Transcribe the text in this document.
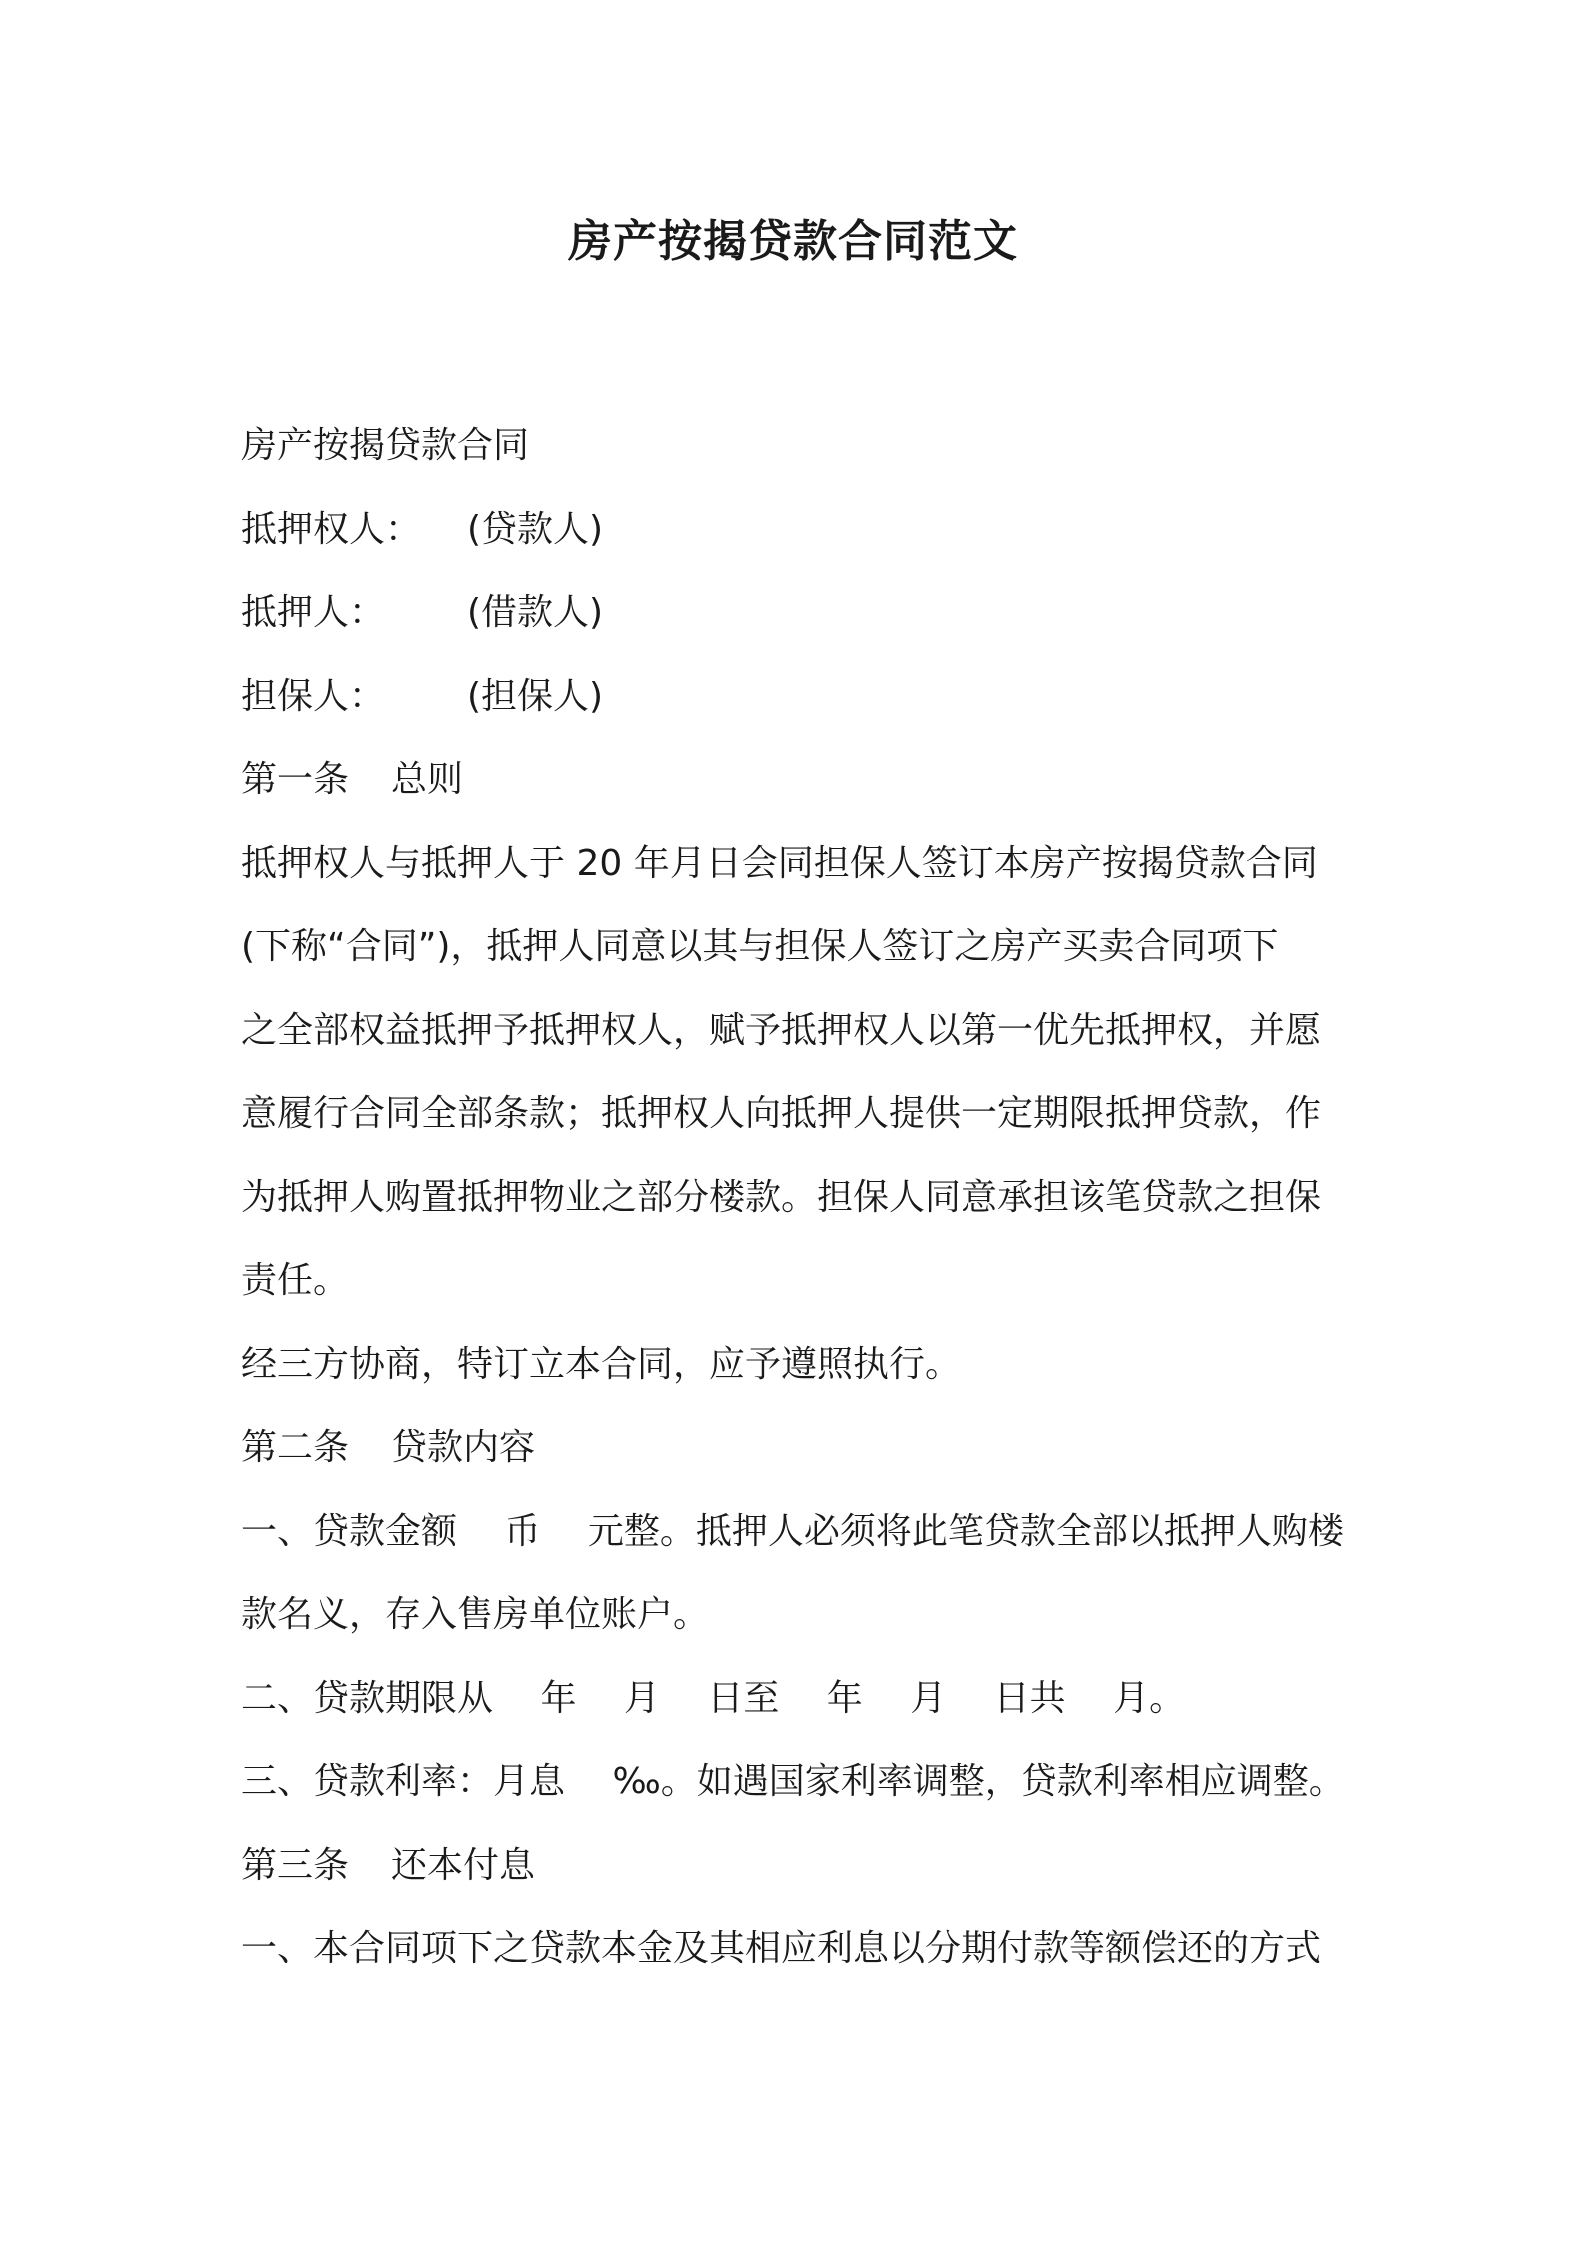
房产按揭贷款合同范文
房产按揭贷款合同
抵押权人： (贷款人)
抵押人： (借款人)
担保人： (担保人)
第一条 总则
抵押权人与抵押人于 20 年月日会同担保人签订本房产按揭贷款合同
(下称“合同”)，抵押人同意以其与担保人签订之房产买卖合同项下
之全部权益抵押予抵押权人，赋予抵押权人以第一优先抵押权，并愿
意履行合同全部条款；抵押权人向抵押人提供一定期限抵押贷款，作
为抵押人购置抵押物业之部分楼款。担保人同意承担该笔贷款之担保
责任。
经三方协商，特订立本合同，应予遵照执行。
第二条 贷款内容
一、贷款金额　 币　 元整。抵押人必须将此笔贷款全部以抵押人购楼
款名义，存入售房单位账户。
二、贷款期限从　 年　 月　 日至　 年　 月　 日共　 月。
三、贷款利率：月息　 ‰。如遇国家利率调整，贷款利率相应调整。
第三条 还本付息
一、本合同项下之贷款本金及其相应利息以分期付款等额偿还的方式
